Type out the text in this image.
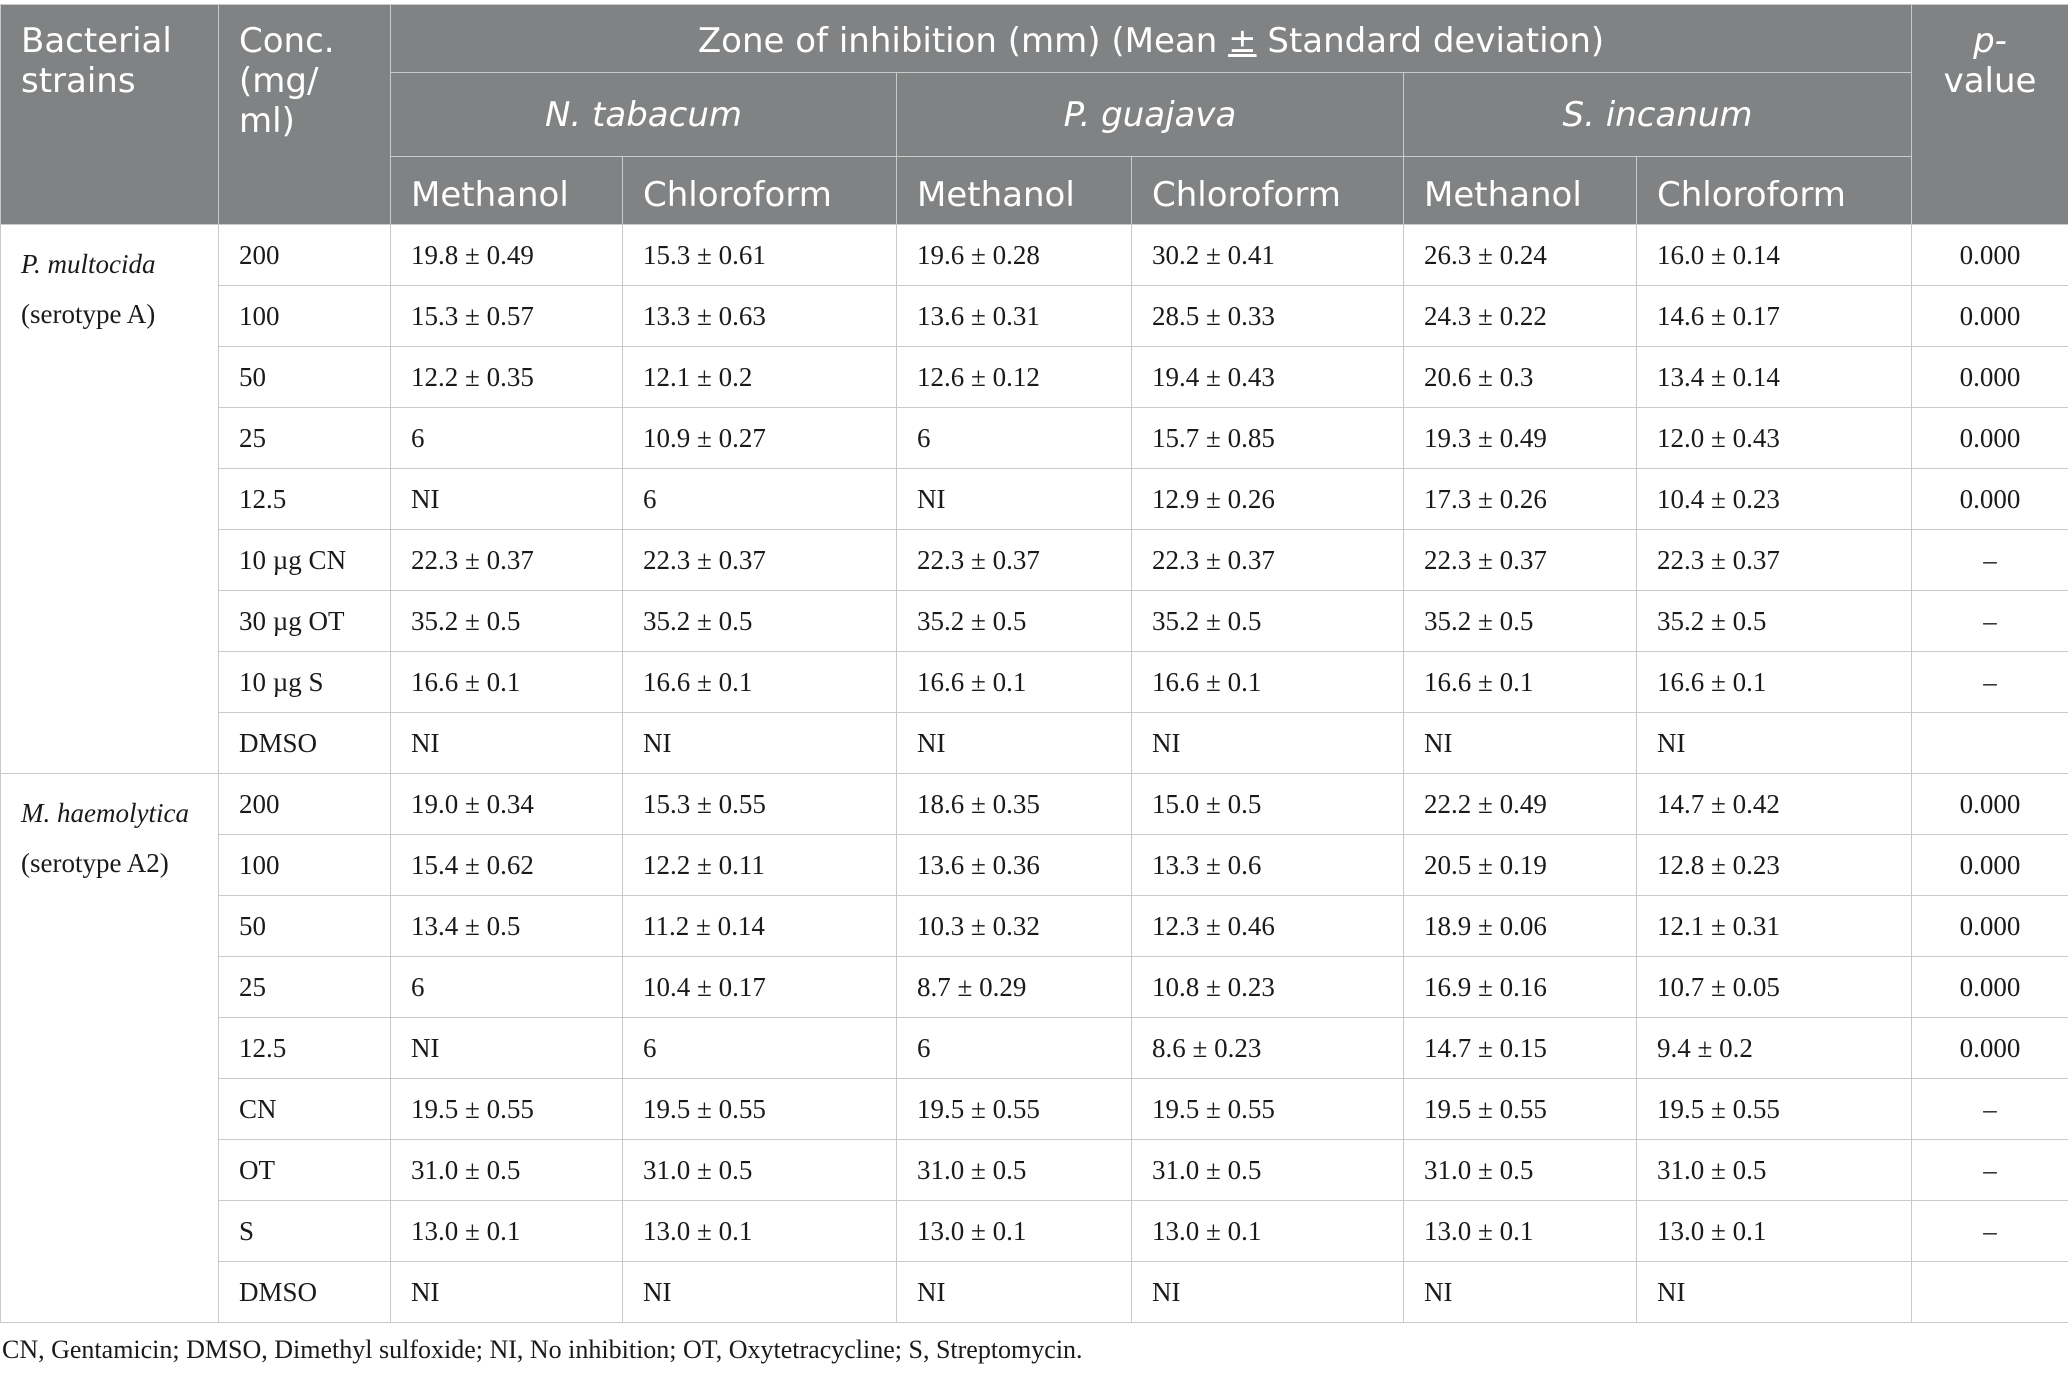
Bacterial strains	Conc.
(mg/
ml)	Zone of inhibition (mm) (Mean ± Standard deviation)						p-
value
		N. tabacum		P. guajava		S. incanum		
		Methanol	Chloroform	Methanol	Chloroform	Methanol	Chloroform	
P. multocida
(serotype A)	200	19.8 ± 0.49	15.3 ± 0.61	19.6 ± 0.28	30.2 ± 0.41	26.3 ± 0.24	16.0 ± 0.14	0.000
	100	15.3 ± 0.57	13.3 ± 0.63	13.6 ± 0.31	28.5 ± 0.33	24.3 ± 0.22	14.6 ± 0.17	0.000
	50	12.2 ± 0.35	12.1 ± 0.2	12.6 ± 0.12	19.4 ± 0.43	20.6 ± 0.3	13.4 ± 0.14	0.000
	25	6	10.9 ± 0.27	6	15.7 ± 0.85	19.3 ± 0.49	12.0 ± 0.43	0.000
	12.5	NI	6	NI	12.9 ± 0.26	17.3 ± 0.26	10.4 ± 0.23	0.000
	10 µg CN	22.3 ± 0.37	22.3 ± 0.37	22.3 ± 0.37	22.3 ± 0.37	22.3 ± 0.37	22.3 ± 0.37	–
	30 µg OT	35.2 ± 0.5	35.2 ± 0.5	35.2 ± 0.5	35.2 ± 0.5	35.2 ± 0.5	35.2 ± 0.5	–
	10 µg S	16.6 ± 0.1	16.6 ± 0.1	16.6 ± 0.1	16.6 ± 0.1	16.6 ± 0.1	16.6 ± 0.1	–
	DMSO	NI	NI	NI	NI	NI	NI	
M. haemolytica
(serotype A2)	200	19.0 ± 0.34	15.3 ± 0.55	18.6 ± 0.35	15.0 ± 0.5	22.2 ± 0.49	14.7 ± 0.42	0.000
	100	15.4 ± 0.62	12.2 ± 0.11	13.6 ± 0.36	13.3 ± 0.6	20.5 ± 0.19	12.8 ± 0.23	0.000
	50	13.4 ± 0.5	11.2 ± 0.14	10.3 ± 0.32	12.3 ± 0.46	18.9 ± 0.06	12.1 ± 0.31	0.000
	25	6	10.4 ± 0.17	8.7 ± 0.29	10.8 ± 0.23	16.9 ± 0.16	10.7 ± 0.05	0.000
	12.5	NI	6	6	8.6 ± 0.23	14.7 ± 0.15	9.4 ± 0.2	0.000
	CN	19.5 ± 0.55	19.5 ± 0.55	19.5 ± 0.55	19.5 ± 0.55	19.5 ± 0.55	19.5 ± 0.55	–
	OT	31.0 ± 0.5	31.0 ± 0.5	31.0 ± 0.5	31.0 ± 0.5	31.0 ± 0.5	31.0 ± 0.5	–
	S	13.0 ± 0.1	13.0 ± 0.1	13.0 ± 0.1	13.0 ± 0.1	13.0 ± 0.1	13.0 ± 0.1	–
	DMSO	NI	NI	NI	NI	NI	NI	
CN, Gentamicin; DMSO, Dimethyl sulfoxide; NI, No inhibition; OT, Oxytetracycline; S, Streptomycin.
